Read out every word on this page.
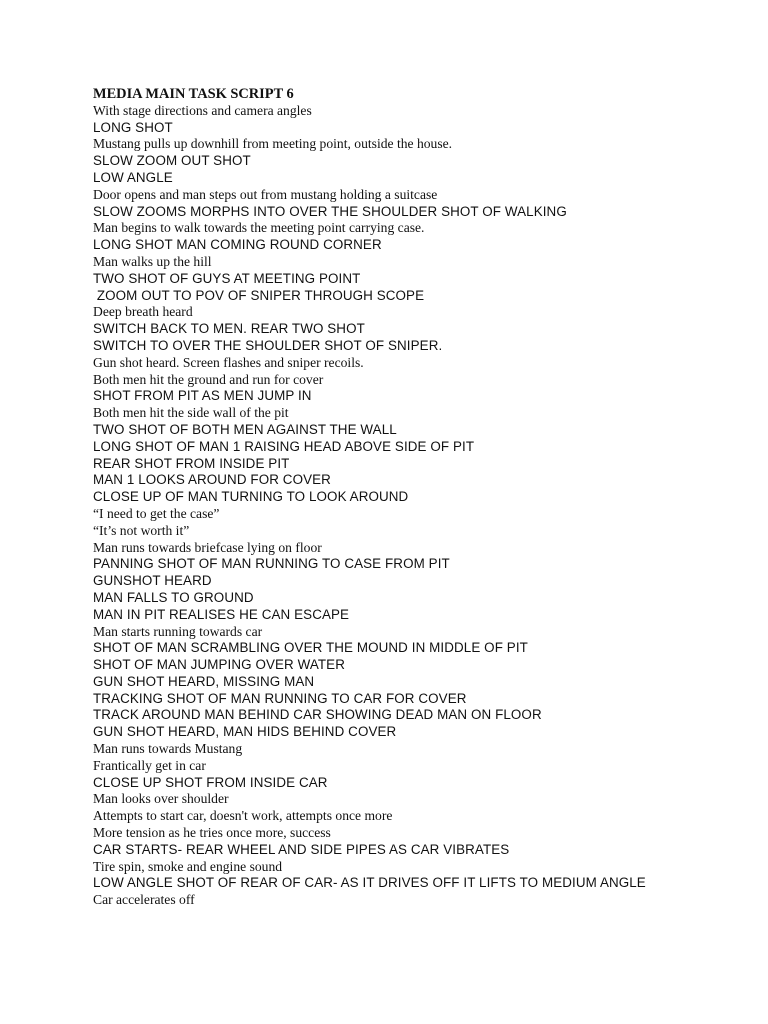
MEDIA MAIN TASK SCRIPT 6
With stage directions and camera angles
LONG SHOT
Mustang pulls up downhill from meeting point, outside the house.
SLOW ZOOM OUT SHOT
LOW ANGLE
Door opens and man steps out from mustang holding a suitcase
SLOW ZOOMS MORPHS INTO OVER THE SHOULDER SHOT OF WALKING
Man begins to walk towards the meeting point carrying case.
LONG SHOT MAN COMING ROUND CORNER
Man walks up the hill
TWO SHOT OF GUYS AT MEETING POINT
ZOOM OUT TO POV OF SNIPER THROUGH SCOPE
Deep breath heard
SWITCH BACK TO MEN. REAR TWO SHOT
SWITCH TO OVER THE SHOULDER SHOT OF SNIPER.
Gun shot heard. Screen flashes and sniper recoils.
Both men hit the ground and run for cover
SHOT FROM PIT AS MEN JUMP IN
Both men hit the side wall of the pit
TWO SHOT OF BOTH MEN AGAINST THE WALL
LONG SHOT OF MAN 1 RAISING HEAD ABOVE SIDE OF PIT
REAR SHOT FROM INSIDE PIT
MAN 1 LOOKS AROUND FOR COVER
CLOSE UP OF MAN TURNING TO LOOK AROUND
“I need to get the case”
“It’s not worth it”
Man runs towards briefcase lying on floor
PANNING SHOT OF MAN RUNNING TO CASE FROM PIT
GUNSHOT HEARD
MAN FALLS TO GROUND
MAN IN PIT REALISES HE CAN ESCAPE
Man starts running towards car
SHOT OF MAN SCRAMBLING OVER THE MOUND IN MIDDLE OF PIT
SHOT OF MAN JUMPING OVER WATER
GUN SHOT HEARD, MISSING MAN
TRACKING SHOT OF MAN RUNNING TO CAR FOR COVER
TRACK AROUND MAN BEHIND CAR SHOWING DEAD MAN ON FLOOR
GUN SHOT HEARD, MAN HIDS BEHIND COVER
Man runs towards Mustang
Frantically get in car
CLOSE UP SHOT FROM INSIDE CAR
Man looks over shoulder
Attempts to start car, doesn't work, attempts once more
More tension as he tries once more, success
CAR STARTS- REAR WHEEL AND SIDE PIPES AS CAR VIBRATES
Tire spin, smoke and engine sound
LOW ANGLE SHOT OF REAR OF CAR- AS IT DRIVES OFF IT LIFTS TO MEDIUM ANGLE
Car accelerates off
